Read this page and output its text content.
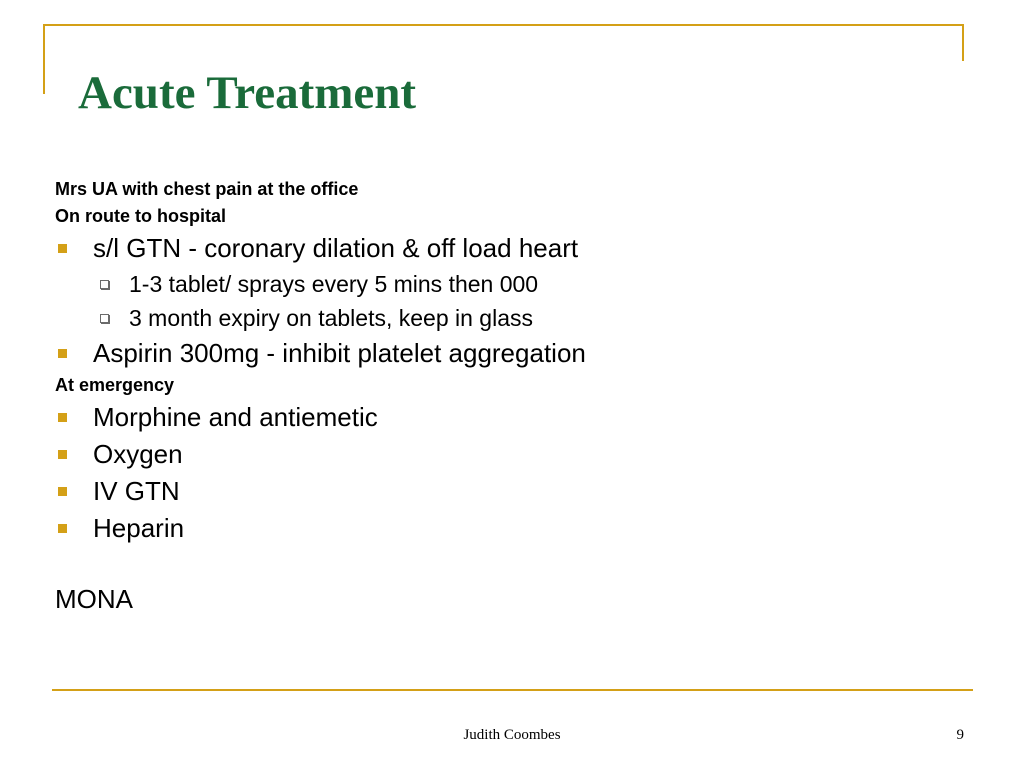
Acute Treatment

Mrs UA with chest pain at the office

On route to hospital

s/l GTN - coronary dilation & off load heart
1-3 tablet/ sprays every 5 mins then 000
3 month expiry on tablets, keep in glass
Aspirin 300mg - inhibit platelet aggregation

At emergency

Morphine and antiemetic
Oxygen
IV GTN
Heparin
MONA
Judith Coombes	9
